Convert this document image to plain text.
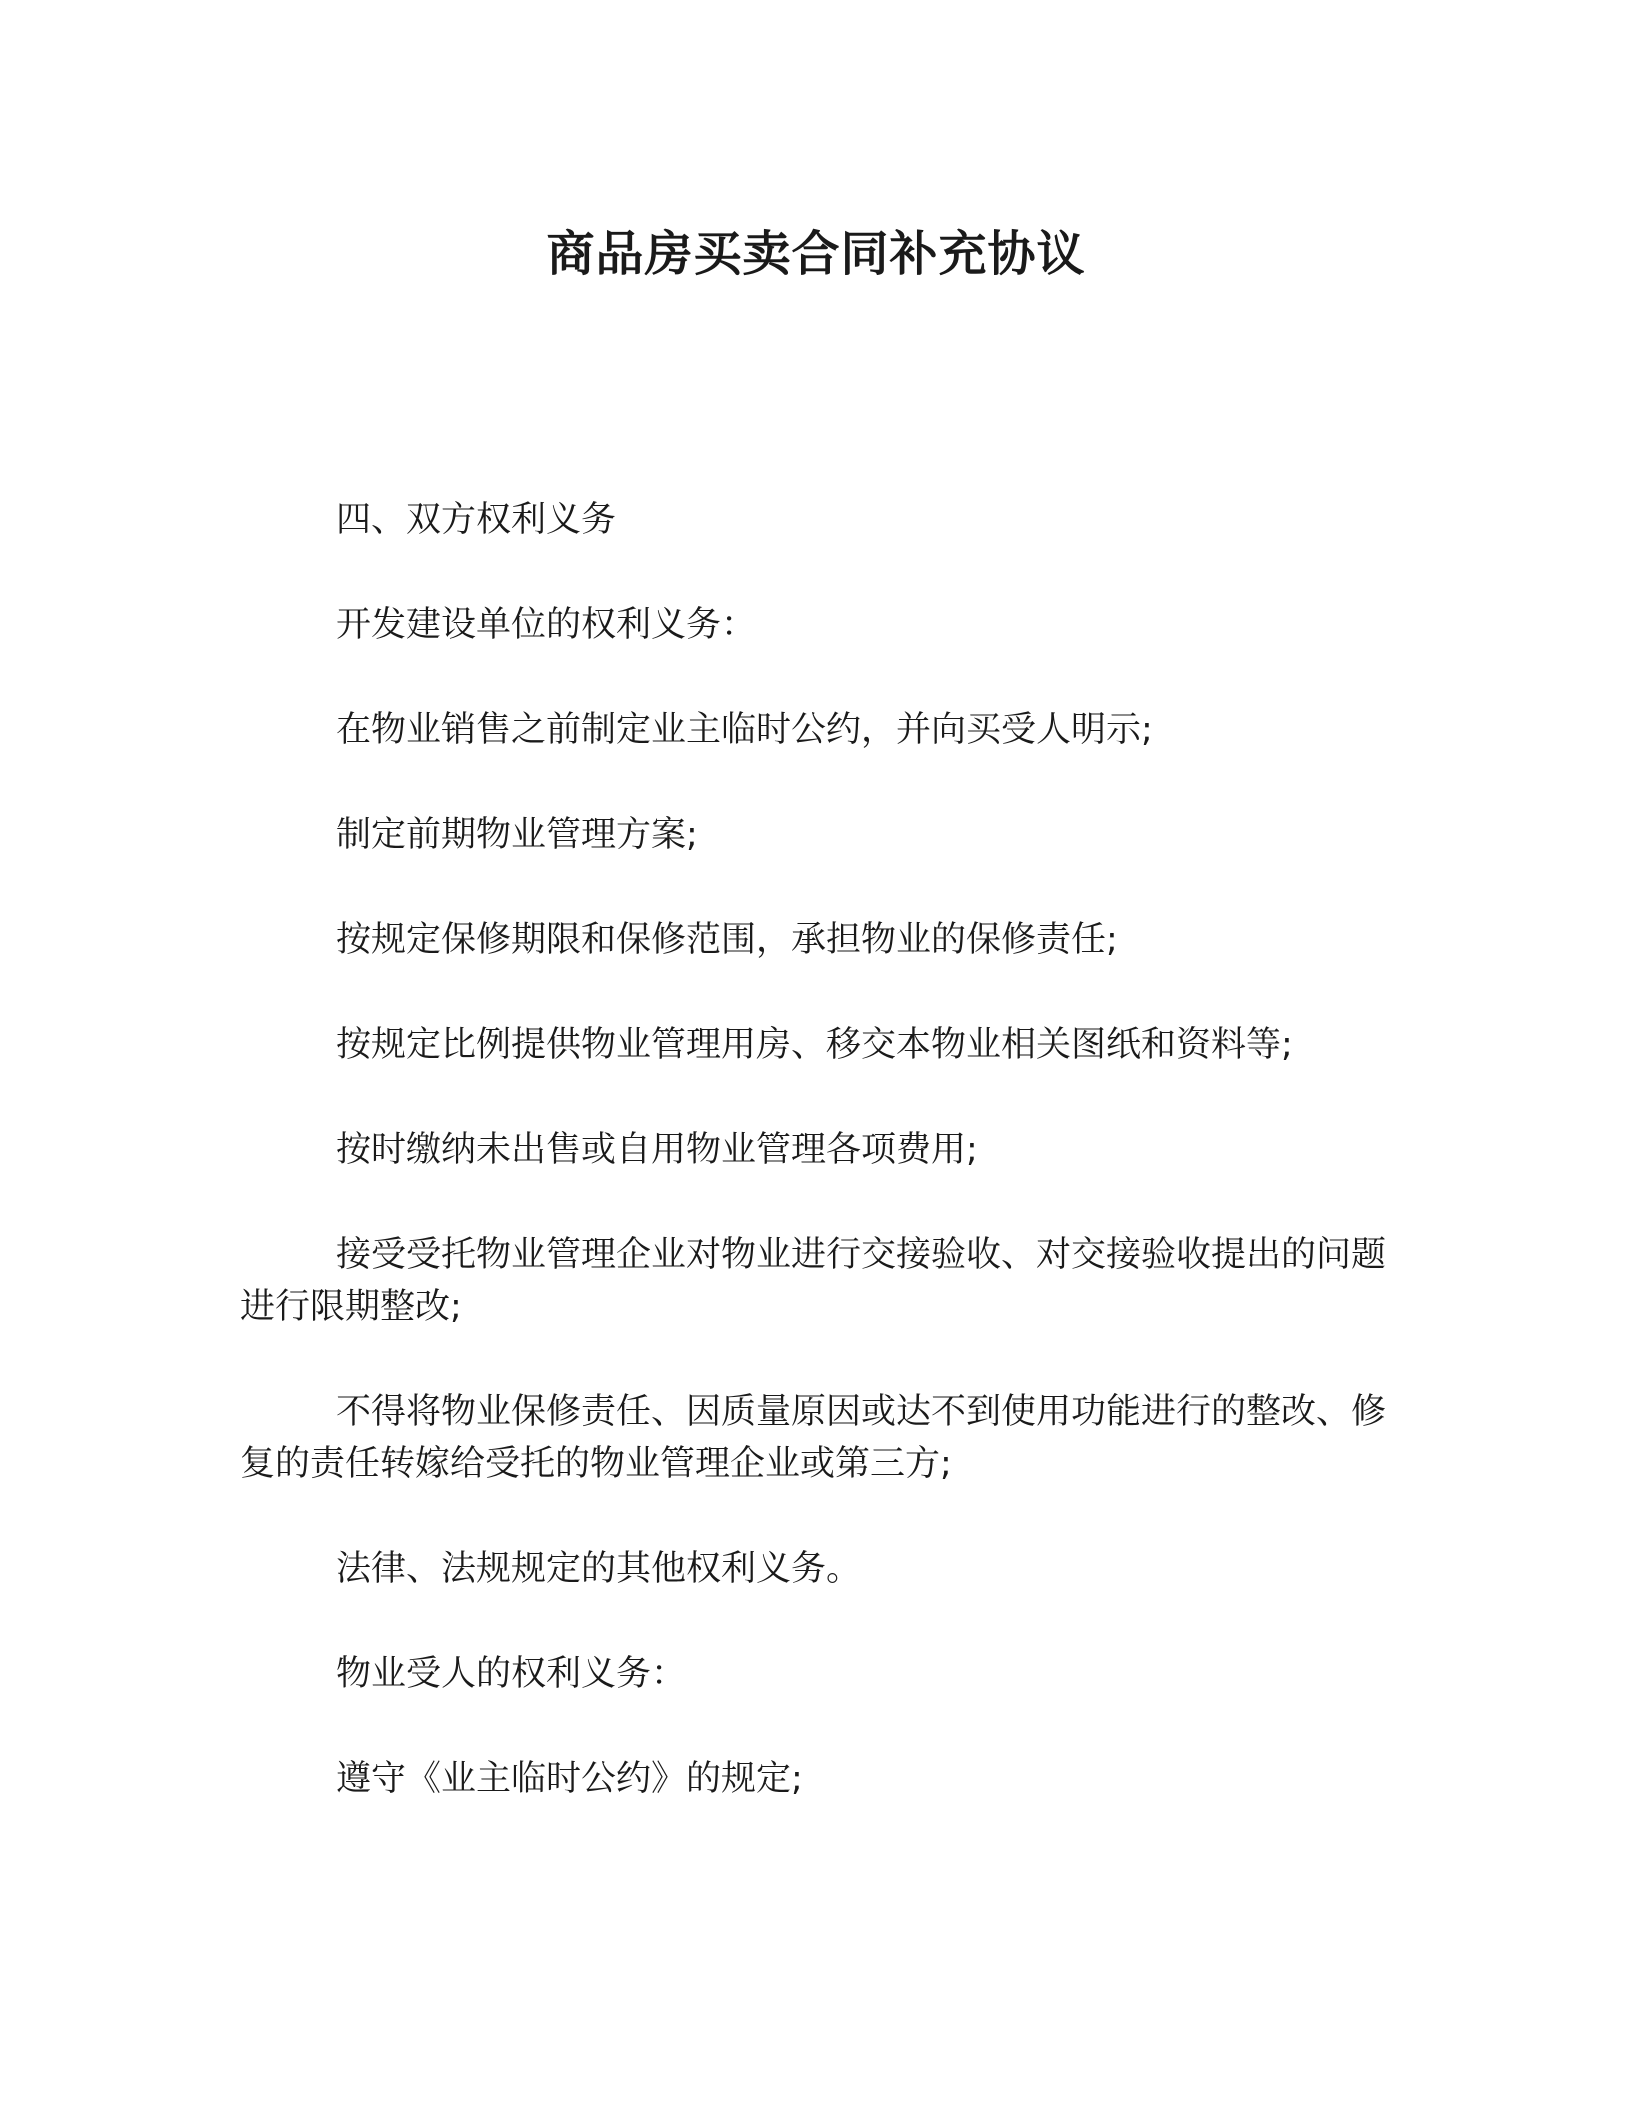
商品房买卖合同补充协议

四、双方权利义务

开发建设单位的权利义务：

在物业销售之前制定业主临时公约，并向买受人明示;

制定前期物业管理方案;

按规定保修期限和保修范围，承担物业的保修责任;

按规定比例提供物业管理用房、移交本物业相关图纸和资料等;

按时缴纳未出售或自用物业管理各项费用;

接受受托物业管理企业对物业进行交接验收、对交接验收提出的问题进行限期整改;

不得将物业保修责任、因质量原因或达不到使用功能进行的整改、修复的责任转嫁给受托的物业管理企业或第三方;

法律、法规规定的其他权利义务。

物业受人的权利义务：

遵守《业主临时公约》的规定;
